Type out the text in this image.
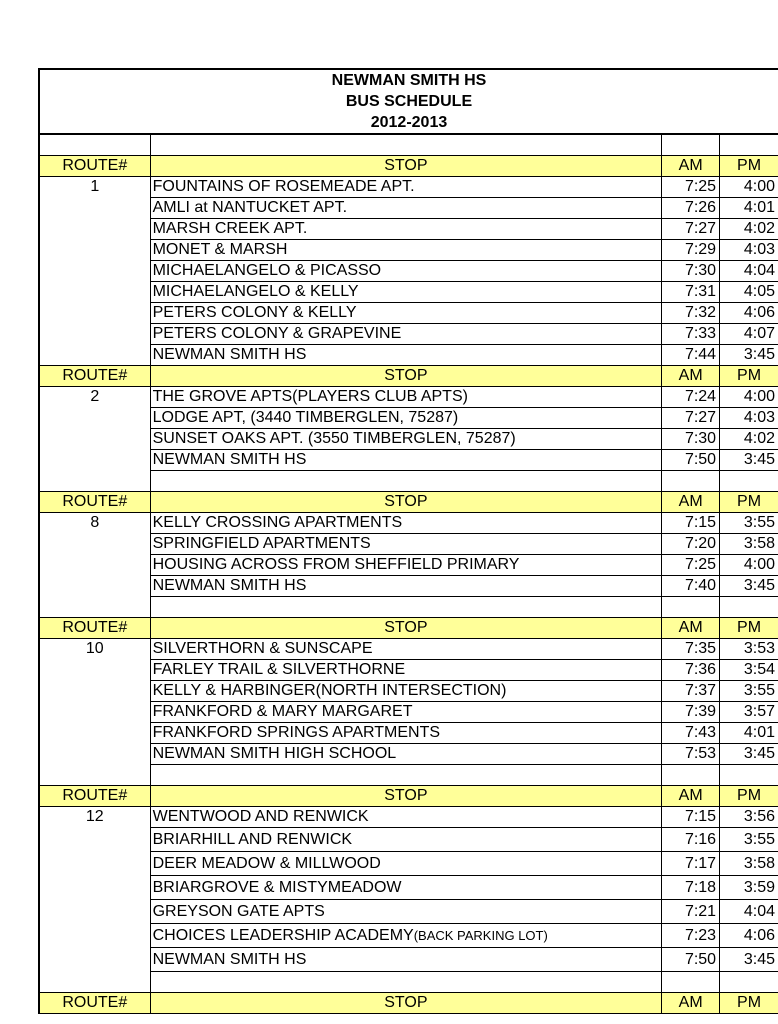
NEWMAN SMITH HS
BUS SCHEDULE
2012-2013

ROUTE#	STOP	AM	PM
1	FOUNTAINS OF ROSEMEADE APT.	7:25	4:00
	AMLI at NANTUCKET APT.	7:26	4:01
	MARSH CREEK APT.	7:27	4:02
	MONET & MARSH	7:29	4:03
	MICHAELANGELO & PICASSO	7:30	4:04
	MICHAELANGELO & KELLY	7:31	4:05
	PETERS COLONY & KELLY	7:32	4:06
	PETERS COLONY & GRAPEVINE	7:33	4:07
	NEWMAN SMITH HS	7:44	3:45
ROUTE#	STOP	AM	PM
2	THE GROVE APTS(PLAYERS CLUB APTS)	7:24	4:00
	LODGE APT, (3440 TIMBERGLEN, 75287)	7:27	4:03
	SUNSET OAKS APT. (3550 TIMBERGLEN, 75287)	7:30	4:02
	NEWMAN SMITH HS	7:50	3:45

ROUTE#	STOP	AM	PM
8	KELLY CROSSING APARTMENTS	7:15	3:55
	SPRINGFIELD APARTMENTS	7:20	3:58
	HOUSING ACROSS FROM SHEFFIELD PRIMARY	7:25	4:00
	NEWMAN SMITH HS	7:40	3:45

ROUTE#	STOP	AM	PM
10	SILVERTHORN & SUNSCAPE	7:35	3:53
	FARLEY TRAIL & SILVERTHORNE	7:36	3:54
	KELLY & HARBINGER(NORTH INTERSECTION)	7:37	3:55
	FRANKFORD & MARY MARGARET	7:39	3:57
	FRANKFORD SPRINGS APARTMENTS	7:43	4:01
	NEWMAN SMITH HIGH SCHOOL	7:53	3:45

ROUTE#	STOP	AM	PM
12	WENTWOOD AND RENWICK	7:15	3:56
	BRIARHILL AND RENWICK	7:16	3:55
	DEER MEADOW & MILLWOOD	7:17	3:58
	BRIARGROVE & MISTYMEADOW	7:18	3:59
	GREYSON GATE APTS	7:21	4:04
	CHOICES LEADERSHIP ACADEMY(BACK PARKING LOT)	7:23	4:06
	NEWMAN SMITH HS	7:50	3:45

ROUTE#	STOP	AM	PM
